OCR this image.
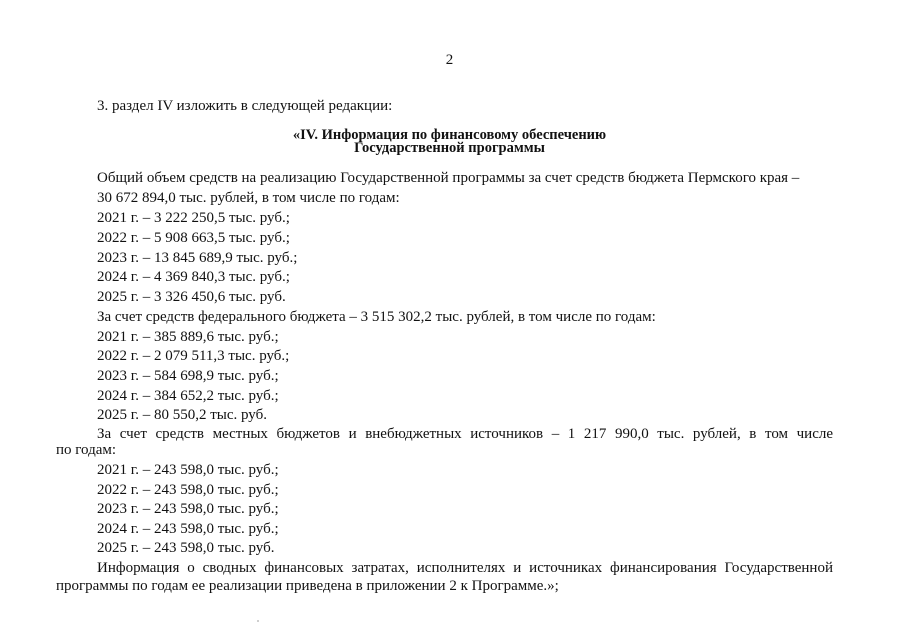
2
3. раздел IV изложить в следующей редакции:
«IV. Информация по финансовому обеспечению
Государственной программы
Общий объем средств на реализацию Государственной программы за счет средств бюджета Пермского края –
30 672 894,0 тыс. рублей, в том числе по годам:
2021 г. – 3 222 250,5 тыс. руб.;
2022 г. – 5 908 663,5 тыс. руб.;
2023 г. – 13 845 689,9 тыс. руб.;
2024 г. – 4 369 840,3 тыс. руб.;
2025 г. – 3 326 450,6 тыс. руб.
За счет средств федерального бюджета – 3 515 302,2 тыс. рублей, в том числе по годам:
2021 г. – 385 889,6 тыс. руб.;
2022 г. – 2 079 511,3 тыс. руб.;
2023 г. – 584 698,9 тыс. руб.;
2024 г. – 384 652,2 тыс. руб.;
2025 г. – 80 550,2 тыс. руб.
За счет средств местных бюджетов и внебюджетных источников – 1 217 990,0 тыс. рублей, в том числе
по годам:
2021 г. – 243 598,0 тыс. руб.;
2022 г. – 243 598,0 тыс. руб.;
2023 г. – 243 598,0 тыс. руб.;
2024 г. – 243 598,0 тыс. руб.;
2025 г. – 243 598,0 тыс. руб.
Информация о сводных финансовых затратах, исполнителях и источниках финансирования Государственной
программы по годам ее реализации приведена в приложении 2 к Программе.»;
